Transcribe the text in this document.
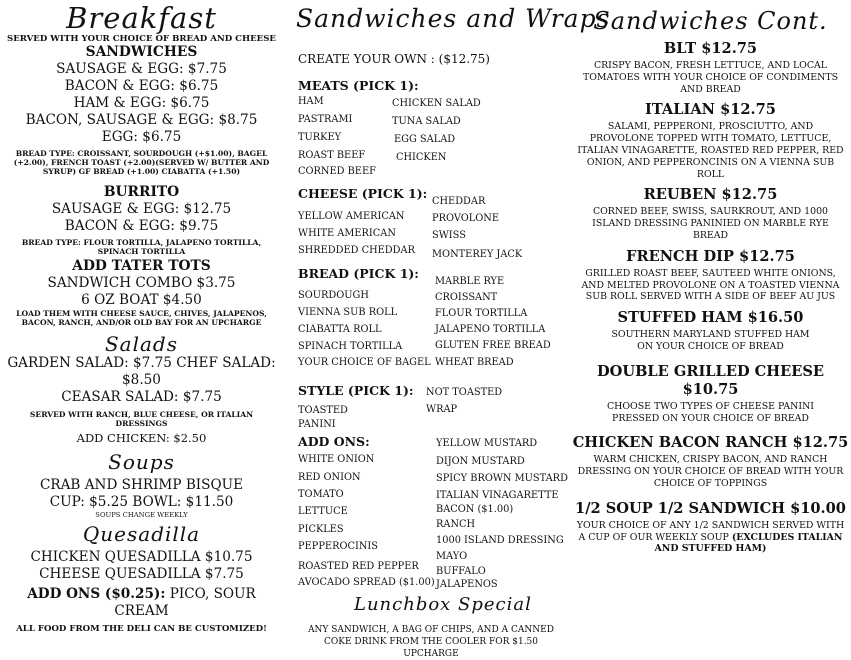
Breakfast

SERVED WITH YOUR CHOICE OF BREAD AND CHEESE

SANDWICHES

SAUSAGE & EGG: $7.75

BACON & EGG: $6.75

HAM & EGG: $6.75

BACON, SAUSAGE & EGG: $8.75

EGG: $6.75

BREAD TYPE: CROISSANT, SOURDOUGH (+$1.00), BAGEL (+2.00), FRENCH TOAST (+2.00)(SERVED W/ BUTTER AND SYRUP) GF BREAD (+1.00) CIABATTA (+1.50)

BURRITO

SAUSAGE & EGG: $12.75

BACON & EGG: $9.75

BREAD TYPE: FLOUR TORTILLA, JALAPENO TORTILLA, SPINACH TORTILLA

ADD TATER TOTS

SANDWICH COMBO $3.75

6 OZ BOAT $4.50

LOAD THEM WITH CHEESE SAUCE, CHIVES, JALAPENOS, BACON, RANCH, AND/OR OLD BAY FOR AN UPCHARGE

Salads

GARDEN SALAD: $7.75 CHEF SALAD: $8.50

CEASAR SALAD: $7.75

SERVED WITH RANCH, BLUE CHEESE, OR ITALIAN DRESSINGS

ADD CHICKEN: $2.50

Soups

CRAB AND SHRIMP BISQUE

CUP: $5.25 BOWL: $11.50

SOUPS CHANGE WEEKLY

Quesadilla

CHICKEN QUESADILLA $10.75

CHEESE QUESADILLA $7.75

ADD ONS ($0.25): PICO, SOUR CREAM

ALL FOOD FROM THE DELI CAN BE CUSTOMIZED!

Sandwiches and Wraps

CREATE YOUR OWN : ($12.75)

MEATS (PICK 1):

HAM

PASTRAMI

TURKEY

ROAST BEEF

CORNED BEEF

CHICKEN SALAD

TUNA SALAD

EGG SALAD

CHICKEN

CHEESE (PICK 1):

YELLOW AMERICAN

WHITE AMERICAN

SHREDDED CHEDDAR

CHEDDAR

PROVOLONE

SWISS

MONTEREY JACK

BREAD (PICK 1):

SOURDOUGH

VIENNA SUB ROLL

CIABATTA ROLL

SPINACH TORTILLA

YOUR CHOICE OF BAGEL

MARBLE RYE

CROISSANT

FLOUR TORTILLA

JALAPENO TORTILLA

GLUTEN FREE BREAD

WHEAT BREAD

STYLE (PICK 1):

TOASTED

PANINI

NOT TOASTED

WRAP

ADD ONS:

WHITE ONION

RED ONION

TOMATO

LETTUCE

PICKLES

PEPPEROCINIS

ROASTED RED PEPPER

AVOCADO SPREAD ($1.00)

YELLOW MUSTARD

DIJON MUSTARD

SPICY BROWN MUSTARD

ITALIAN VINAGARETTE

BACON ($1.00)

RANCH

1000 ISLAND DRESSING

MAYO

BUFFALO

JALAPENOS

Lunchbox Special

ANY SANDWICH, A BAG OF CHIPS, AND A CANNED COKE DRINK FROM THE COOLER FOR $1.50 UPCHARGE

Sandwiches Cont.

BLT $12.75

CRISPY BACON, FRESH LETTUCE, AND LOCAL TOMATOES WITH YOUR CHOICE OF CONDIMENTS AND BREAD

ITALIAN $12.75

SALAMI, PEPPERONI, PROSCIUTTO, AND PROVOLONE TOPPED WITH TOMATO, LETTUCE, ITALIAN VINAGARETTE, ROASTED RED PEPPER, RED ONION, AND PEPPERONCINIS ON A VIENNA SUB ROLL

REUBEN $12.75

CORNED BEEF, SWISS, SAURKROUT, AND 1000 ISLAND DRESSING PANINIED ON MARBLE RYE BREAD

FRENCH DIP $12.75

GRILLED ROAST BEEF, SAUTEED WHITE ONIONS, AND MELTED PROVOLONE ON A TOASTED VIENNA SUB ROLL SERVED WITH A SIDE OF BEEF AU JUS

STUFFED HAM $16.50

SOUTHERN MARYLAND STUFFED HAM ON YOUR CHOICE OF BREAD

DOUBLE GRILLED CHEESE $10.75

CHOOSE TWO TYPES OF CHEESE PANINI PRESSED ON YOUR CHOICE OF BREAD

CHICKEN BACON RANCH $12.75

WARM CHICKEN, CRISPY BACON, AND RANCH DRESSING ON YOUR CHOICE OF BREAD WITH YOUR CHOICE OF TOPPINGS

1/2 SOUP 1/2 SANDWICH $10.00

YOUR CHOICE OF ANY 1/2 SANDWICH SERVED WITH A CUP OF OUR WEEKLY SOUP (EXCLUDES ITALIAN AND STUFFED HAM)
